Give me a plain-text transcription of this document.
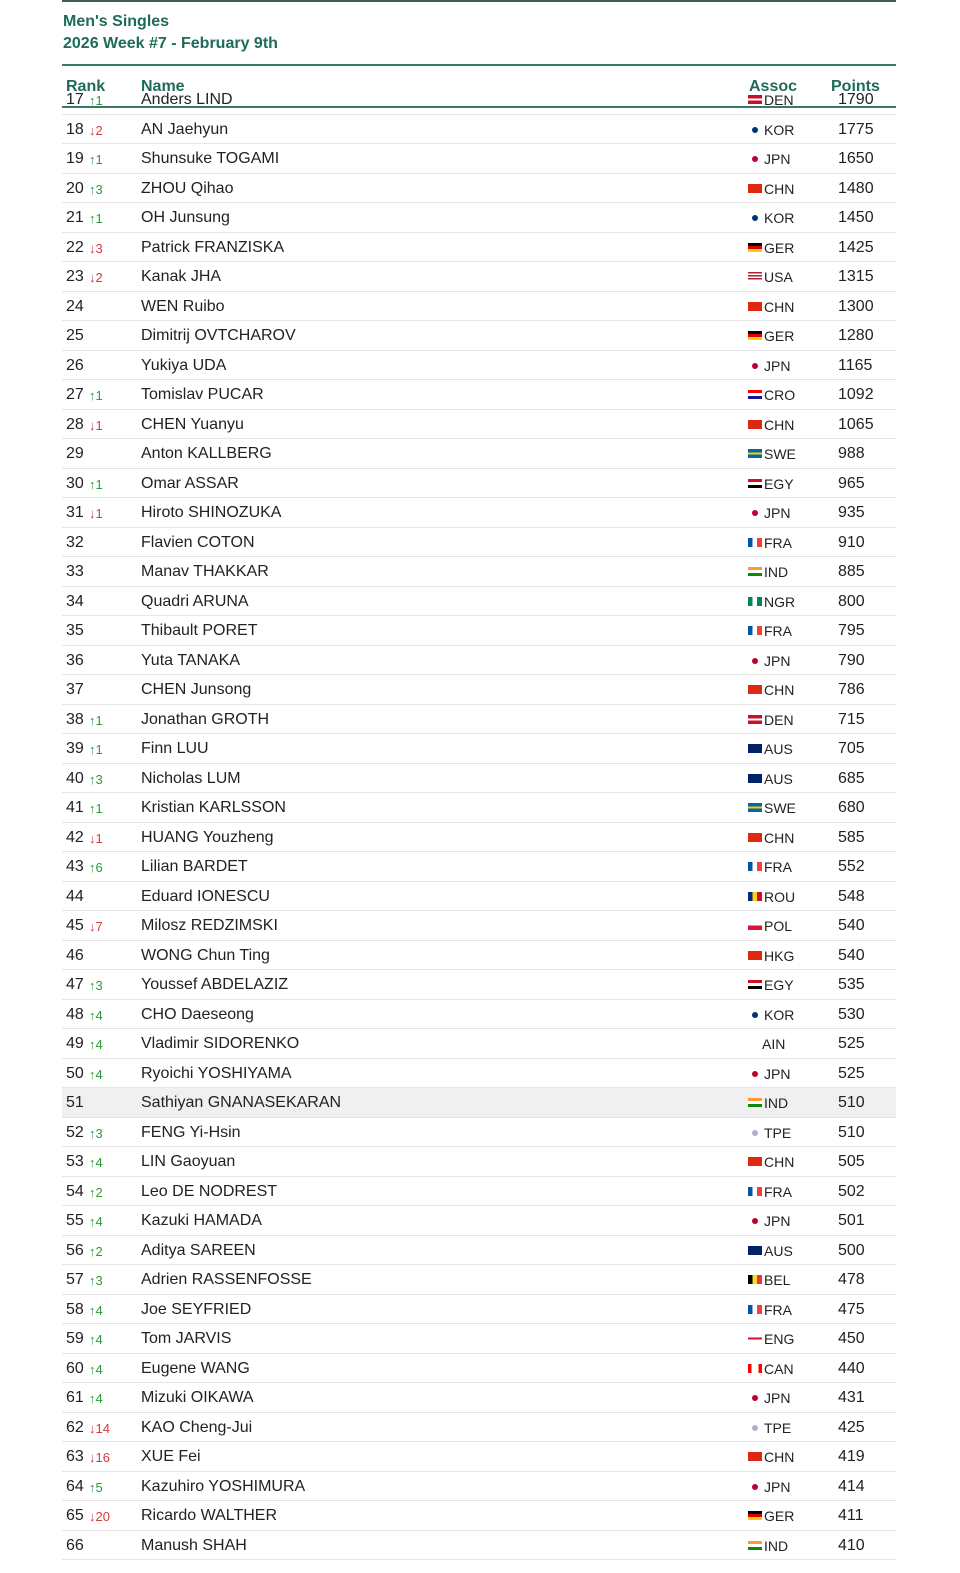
Men's Singles
2026 Week #7 - February 9th
Rank Name	Assoc Points
17 ↑1 Anders LIND	DEN	1790
18 ↓2 AN Jaehyun	KOR	1775
19 ↑1 Shunsuke TOGAMI	JPN	1650
20 ↑3 ZHOU Qihao	CHN	1480
21 ↑1 OH Junsung	KOR	1450
22 ↓3 Patrick FRANZISKA	GER	1425
23 ↓2 Kanak JHA	USA	1315
24	WEN Ruibo	CHN	1300
25	Dimitrij OVTCHAROV	GER	1280
26	Yukiya UDA	JPN	1165
27 ↑1 Tomislav PUCAR	CRO	1092
28 ↓1 CHEN Yuanyu	CHN	1065
29	Anton KALLBERG	SWE	988
30 ↑1 Omar ASSAR	EGY	965
31 ↓1 Hiroto SHINOZUKA	JPN	935
32	Flavien COTON	FRA	910
33	Manav THAKKAR	IND	885
34	Quadri ARUNA	NGR	800
35	Thibault PORET	FRA	795
36	Yuta TANAKA	JPN	790
37	CHEN Junsong	CHN	786
38 ↑1 Jonathan GROTH	DEN	715
39 ↑1 Finn LUU	AUS	705
40 ↑3 Nicholas LUM	AUS	685
41 ↑1 Kristian KARLSSON	SWE	680
42 ↓1 HUANG Youzheng	CHN	585
43 ↑6 Lilian BARDET	FRA	552
44	Eduard IONESCU	ROU	548
45 ↓7 Milosz REDZIMSKI	POL	540
46	WONG Chun Ting	HKG	540
47 ↑3 Youssef ABDELAZIZ	EGY	535
48 ↑4 CHO Daeseong	KOR	530
49 ↑4 Vladimir SIDORENKO	AIN	525
50 ↑4 Ryoichi YOSHIYAMA	JPN	525
51	Sathiyan GNANASEKARAN	IND	510
52 ↑3 FENG Yi-Hsin	TPE	510
53 ↑4 LIN Gaoyuan	CHN	505
54 ↑2 Leo DE NODREST	FRA	502
55 ↑4 Kazuki HAMADA	JPN	501
56 ↑2 Aditya SAREEN	AUS	500
57 ↑3 Adrien RASSENFOSSE	BEL	478
58 ↑4 Joe SEYFRIED	FRA	475
59 ↑4 Tom JARVIS	ENG	450
60 ↑4 Eugene WANG	CAN	440
61 ↑4 Mizuki OIKAWA	JPN	431
62 ↓14 KAO Cheng-Jui	TPE	425
63 ↓16 XUE Fei	CHN	419
64 ↑5 Kazuhiro YOSHIMURA	JPN	414
65 ↓20 Ricardo WALTHER	GER	411
66	Manush SHAH	IND	410
